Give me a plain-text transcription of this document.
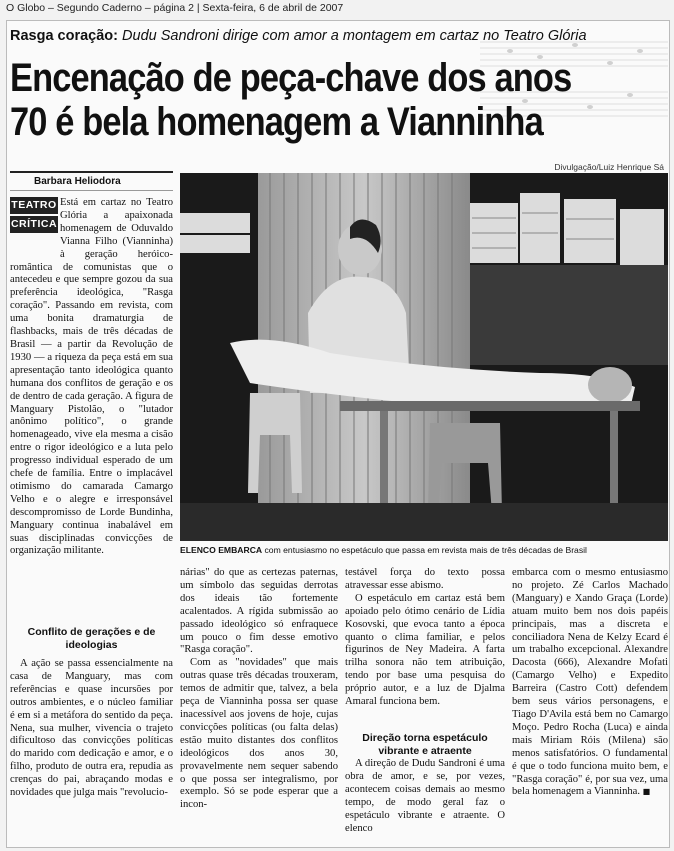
O Globo – Segundo Caderno – página 2 | Sexta-feira, 6 de abril de 2007
Rasga coração: Dudu Sandroni dirige com amor a montagem em cartaz no Teatro Glória
Encenação de peça-chave dos anos
70 é bela homenagem a Vianninha
Divulgação/Luiz Henrique Sá
Barbara Heliodora

Está em cartaz no Teatro Glória a apaixonada homenagem de Oduvaldo Vianna Filho (Vianninha) à geração heróico-romântica de comunistas que o antecedeu e que sempre gozou da sua preferência ideológica, "Rasga coração". Passando em revista, com uma bonita dramaturgia de flashbacks, mais de três décadas de Brasil — a partir da Revolução de 1930 — a riqueza da peça está em sua apresentação tanto ideológica quanto humana dos conflitos de geração e os de dentro de cada geração. A figura de Manguary Pistolão, o "lutador anônimo político", o grande homenageado, vive ela mesma a cisão entre o rigor ideológico e a luta pelo progresso individual esperado de um chefe de família. Entre o implacável otimismo do camarada Camargo Velho e o alegre e irresponsável descompromisso de Lorde Bundinha, Manguary continua inabalável em suas disciplinadas convicções de organização militante.

TEATRO
CRÍTICA
Conflito de gerações e de ideologias

A ação se passa essencialmente na casa de Manguary, mas com referências e quase incursões por outros ambientes, e o núcleo familiar é em si a metáfora do sentido da peça. Nena, sua mulher, vivencia o trajeto dificultoso das convicções políticas do marido com dedicação e amor, e o filho, produto de outra era, repudia as crenças do pai, abraçando modas e novidades que julga mais "revolucio-

ELENCO EMBARCA com entusiasmo no espetáculo que passa em revista mais de três décadas de Brasil

nárias" do que as certezas paternas, um símbolo das seguidas derrotas dos ideais tão fortemente acalentados. A rígida submissão ao passado ideológico só enfraquece um pouco o fim desse emotivo "Rasga coração".

Com as "novidades" que mais outras quase três décadas trouxeram, temos de admitir que, talvez, a bela peça de Vianninha possa ser quase inacessível aos jovens de hoje, cujas convicções políticas (ou falta delas) estão muito distantes dos conflitos ideológicos dos anos 30, provavelmente nem sequer sabendo o que possa ser integralismo, por exemplo. Só se pode esperar que a incon-

testável força do texto possa atravessar esse abismo.

O espetáculo em cartaz está bem apoiado pelo ótimo cenário de Lídia Kosovski, que evoca tanto a época quanto o clima familiar, e pelos figurinos de Ney Madeira. A farta trilha sonora não tem atribuição, tendo por base uma pesquisa do próprio autor, e a luz de Djalma Amaral funciona bem.

Direção torna espetáculo vibrante e atraente

A direção de Dudu Sandroni é uma obra de amor, e se, por vezes, acontecem coisas demais ao mesmo tempo, de modo geral faz o espetáculo vibrante e atraente. O elenco

embarca com o mesmo entusiasmo no projeto. Zé Carlos Machado (Manguary) e Xando Graça (Lorde) atuam muito bem nos dois papéis principais, mas a discreta e conciliadora Nena de Kelzy Ecard é um trabalho excepcional. Alexandre Dacosta (666), Alexandre Mofati (Camargo Velho) e Expedito Barreira (Castro Cott) defendem bem seus vários personagens, e Tiago D'Avila está bem no Camargo Moço. Pedro Rocha (Luca) e ainda mais Miriam Róis (Milena) são menos satisfatórios. O fundamental é que o todo funciona muito bem, e "Rasga coração" é, por sua vez, uma bela homenagem a Vianninha. ■
